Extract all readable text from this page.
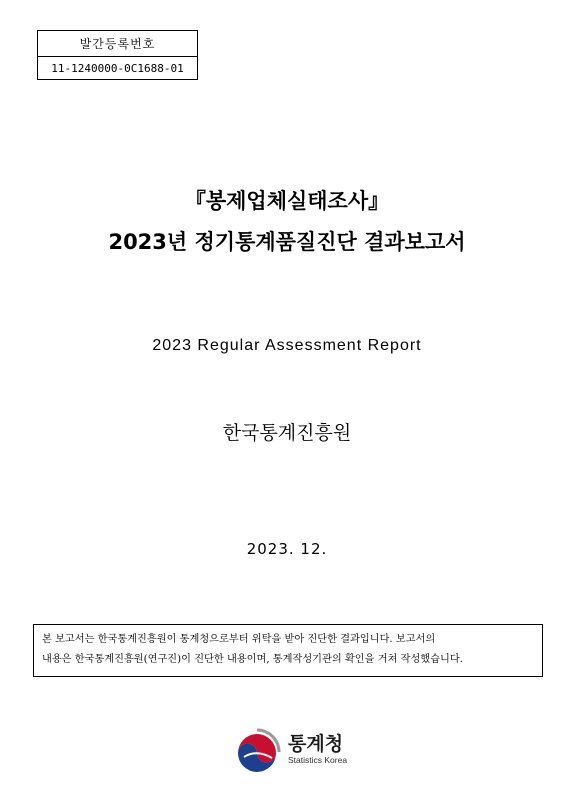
발간등록번호
11-1240000-0C1688-01
『봉제업체실태조사』
2023년 정기통계품질진단 결과보고서
2023 Regular Assessment Report
한국통계진흥원
2023. 12.
본 보고서는 한국통계진흥원이 통계청으로부터 위탁을 받아 진단한 결과입니다. 보고서의
내용은 한국통계진흥원(연구진)이 진단한 내용이며, 통계작성기관의 확인을 거쳐 작성했습니다.
통계청
Statistics Korea
